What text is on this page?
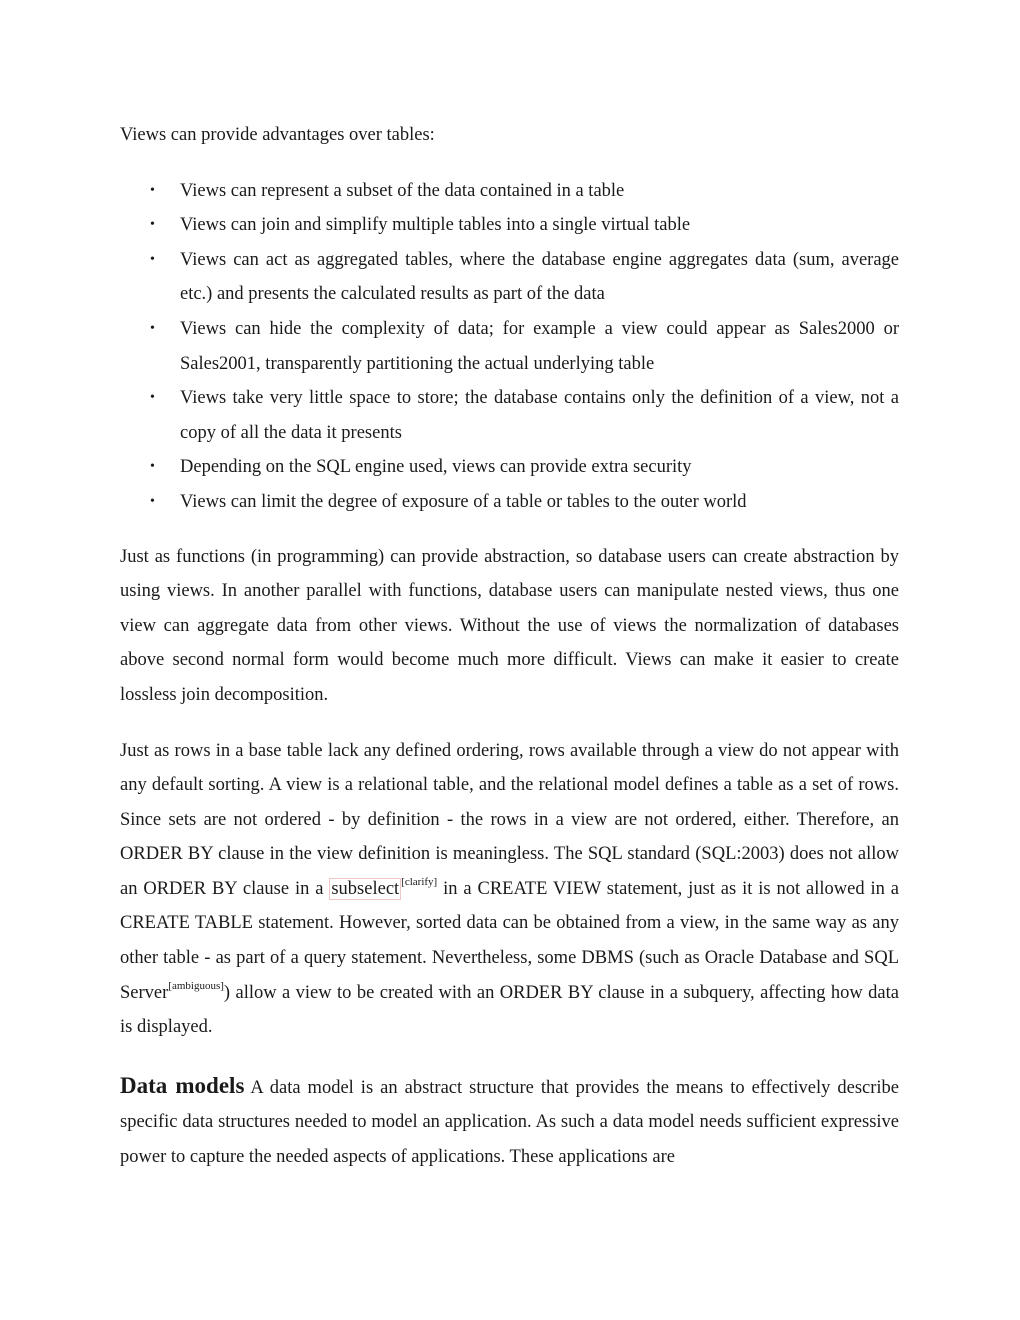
Views can provide advantages over tables:

• Views can represent a subset of the data contained in a table
• Views can join and simplify multiple tables into a single virtual table
• Views can act as aggregated tables, where the database engine aggregates data (sum, average etc.) and presents the calculated results as part of the data
• Views can hide the complexity of data; for example a view could appear as Sales2000 or Sales2001, transparently partitioning the actual underlying table
• Views take very little space to store; the database contains only the definition of a view, not a copy of all the data it presents
• Depending on the SQL engine used, views can provide extra security
• Views can limit the degree of exposure of a table or tables to the outer world

Just as functions (in programming) can provide abstraction, so database users can create abstraction by using views. In another parallel with functions, database users can manipulate nested views, thus one view can aggregate data from other views. Without the use of views the normalization of databases above second normal form would become much more difficult. Views can make it easier to create lossless join decomposition.

Just as rows in a base table lack any defined ordering, rows available through a view do not appear with any default sorting. A view is a relational table, and the relational model defines a table as a set of rows. Since sets are not ordered - by definition - the rows in a view are not ordered, either. Therefore, an ORDER BY clause in the view definition is meaningless. The SQL standard (SQL:2003) does not allow an ORDER BY clause in a subselect [clarify] in a CREATE VIEW statement, just as it is not allowed in a CREATE TABLE statement. However, sorted data can be obtained from a view, in the same way as any other table - as part of a query statement. Nevertheless, some DBMS (such as Oracle Database and SQL Server[ambiguous]) allow a view to be created with an ORDER BY clause in a subquery, affecting how data is displayed.

Data models A data model is an abstract structure that provides the means to effectively describe specific data structures needed to model an application. As such a data model needs sufficient expressive power to capture the needed aspects of applications. These applications are
